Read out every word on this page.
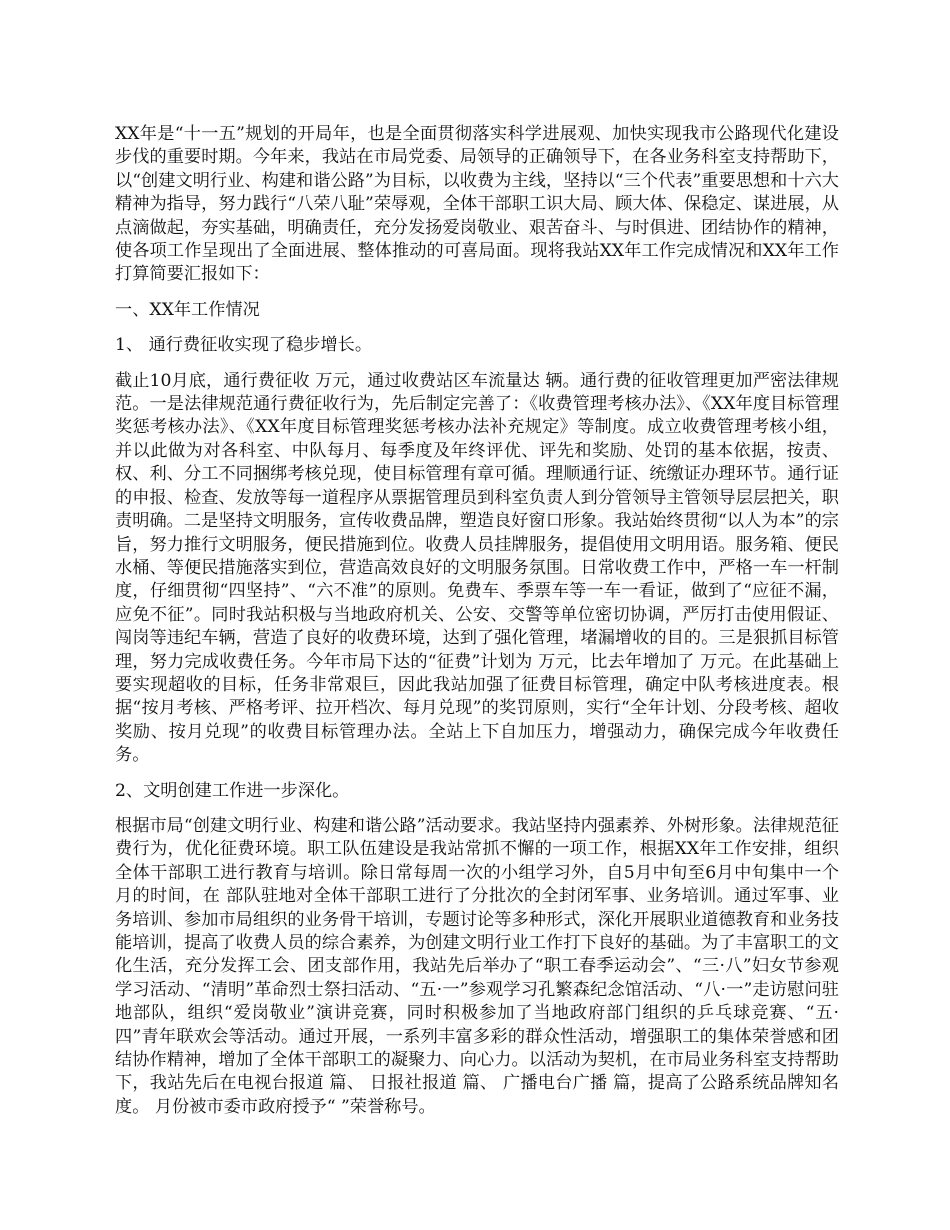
XX年是“十一五”规划的开局年，也是全面贯彻落实科学进展观、加快实现我市公路现代化建设步伐的重要时期。今年来，我站在市局党委、局领导的正确领导下，在各业务科室支持帮助下，以“创建文明行业、构建和谐公路”为目标，以收费为主线，坚持以“三个代表”重要思想和十六大精神为指导，努力践行“八荣八耻”荣辱观，全体干部职工识大局、顾大体、保稳定、谋进展，从点滴做起，夯实基础，明确责任，充分发扬爱岗敬业、艰苦奋斗、与时俱进、团结协作的精神，使各项工作呈现出了全面进展、整体推动的可喜局面。现将我站XX年工作完成情况和XX年工作打算简要汇报如下：

一、XX年工作情况

1、 通行费征收实现了稳步增长。

截止10月底，通行费征收 万元，通过收费站区车流量达 辆。通行费的征收管理更加严密法律规范。一是法律规范通行费征收行为，先后制定完善了：《收费管理考核办法》、《XX年度目标管理奖惩考核办法》、《XX年度目标管理奖惩考核办法补充规定》等制度。成立收费管理考核小组，并以此做为对各科室、中队每月、每季度及年终评优、评先和奖励、处罚的基本依据，按责、权、利、分工不同捆绑考核兑现，使目标管理有章可循。理顺通行证、统缴证办理环节。通行证的申报、检查、发放等每一道程序从票据管理员到科室负责人到分管领导主管领导层层把关，职责明确。二是坚持文明服务，宣传收费品牌，塑造良好窗口形象。我站始终贯彻“以人为本”的宗旨，努力推行文明服务，便民措施到位。收费人员挂牌服务，提倡使用文明用语。服务箱、便民水桶、等便民措施落实到位，营造高效良好的文明服务氛围。日常收费工作中，严格一车一杆制度，仔细贯彻“四坚持”、“六不准”的原则。免费车、季票车等一车一看证，做到了“应征不漏，应免不征”。同时我站积极与当地政府机关、公安、交警等单位密切协调，严厉打击使用假证、闯岗等违纪车辆，营造了良好的收费环境，达到了强化管理，堵漏增收的目的。三是狠抓目标管理，努力完成收费任务。今年市局下达的“征费”计划为 万元，比去年增加了 万元。在此基础上要实现超收的目标，任务非常艰巨，因此我站加强了征费目标管理，确定中队考核进度表。根据“按月考核、严格考评、拉开档次、每月兑现”的奖罚原则，实行“全年计划、分段考核、超收奖励、按月兑现”的收费目标管理办法。全站上下自加压力，增强动力，确保完成今年收费任务。

2、文明创建工作进一步深化。

根据市局“创建文明行业、构建和谐公路”活动要求。我站坚持内强素养、外树形象。法律规范征费行为，优化征费环境。职工队伍建设是我站常抓不懈的一项工作，根据XX年工作安排，组织全体干部职工进行教育与培训。除日常每周一次的小组学习外，自5月中旬至6月中旬集中一个月的时间，在 部队驻地对全体干部职工进行了分批次的全封闭军事、业务培训。通过军事、业务培训、参加市局组织的业务骨干培训，专题讨论等多种形式，深化开展职业道德教育和业务技能培训，提高了收费人员的综合素养，为创建文明行业工作打下良好的基础。为了丰富职工的文化生活，充分发挥工会、团支部作用，我站先后举办了“职工春季运动会”、“三·八”妇女节参观学习活动、“清明”革命烈士祭扫活动、“五·一”参观学习孔繁森纪念馆活动、“八·一”走访慰问驻地部队，组织“爱岗敬业”演讲竞赛，同时积极参加了当地政府部门组织的乒乓球竞赛、“五·四”青年联欢会等活动。通过开展，一系列丰富多彩的群众性活动，增强职工的集体荣誉感和团结协作精神，增加了全体干部职工的凝聚力、向心力。以活动为契机，在市局业务科室支持帮助下，我站先后在电视台报道 篇、 日报社报道 篇、 广播电台广播 篇，提高了公路系统品牌知名度。 月份被市委市政府授予“ ”荣誉称号。
